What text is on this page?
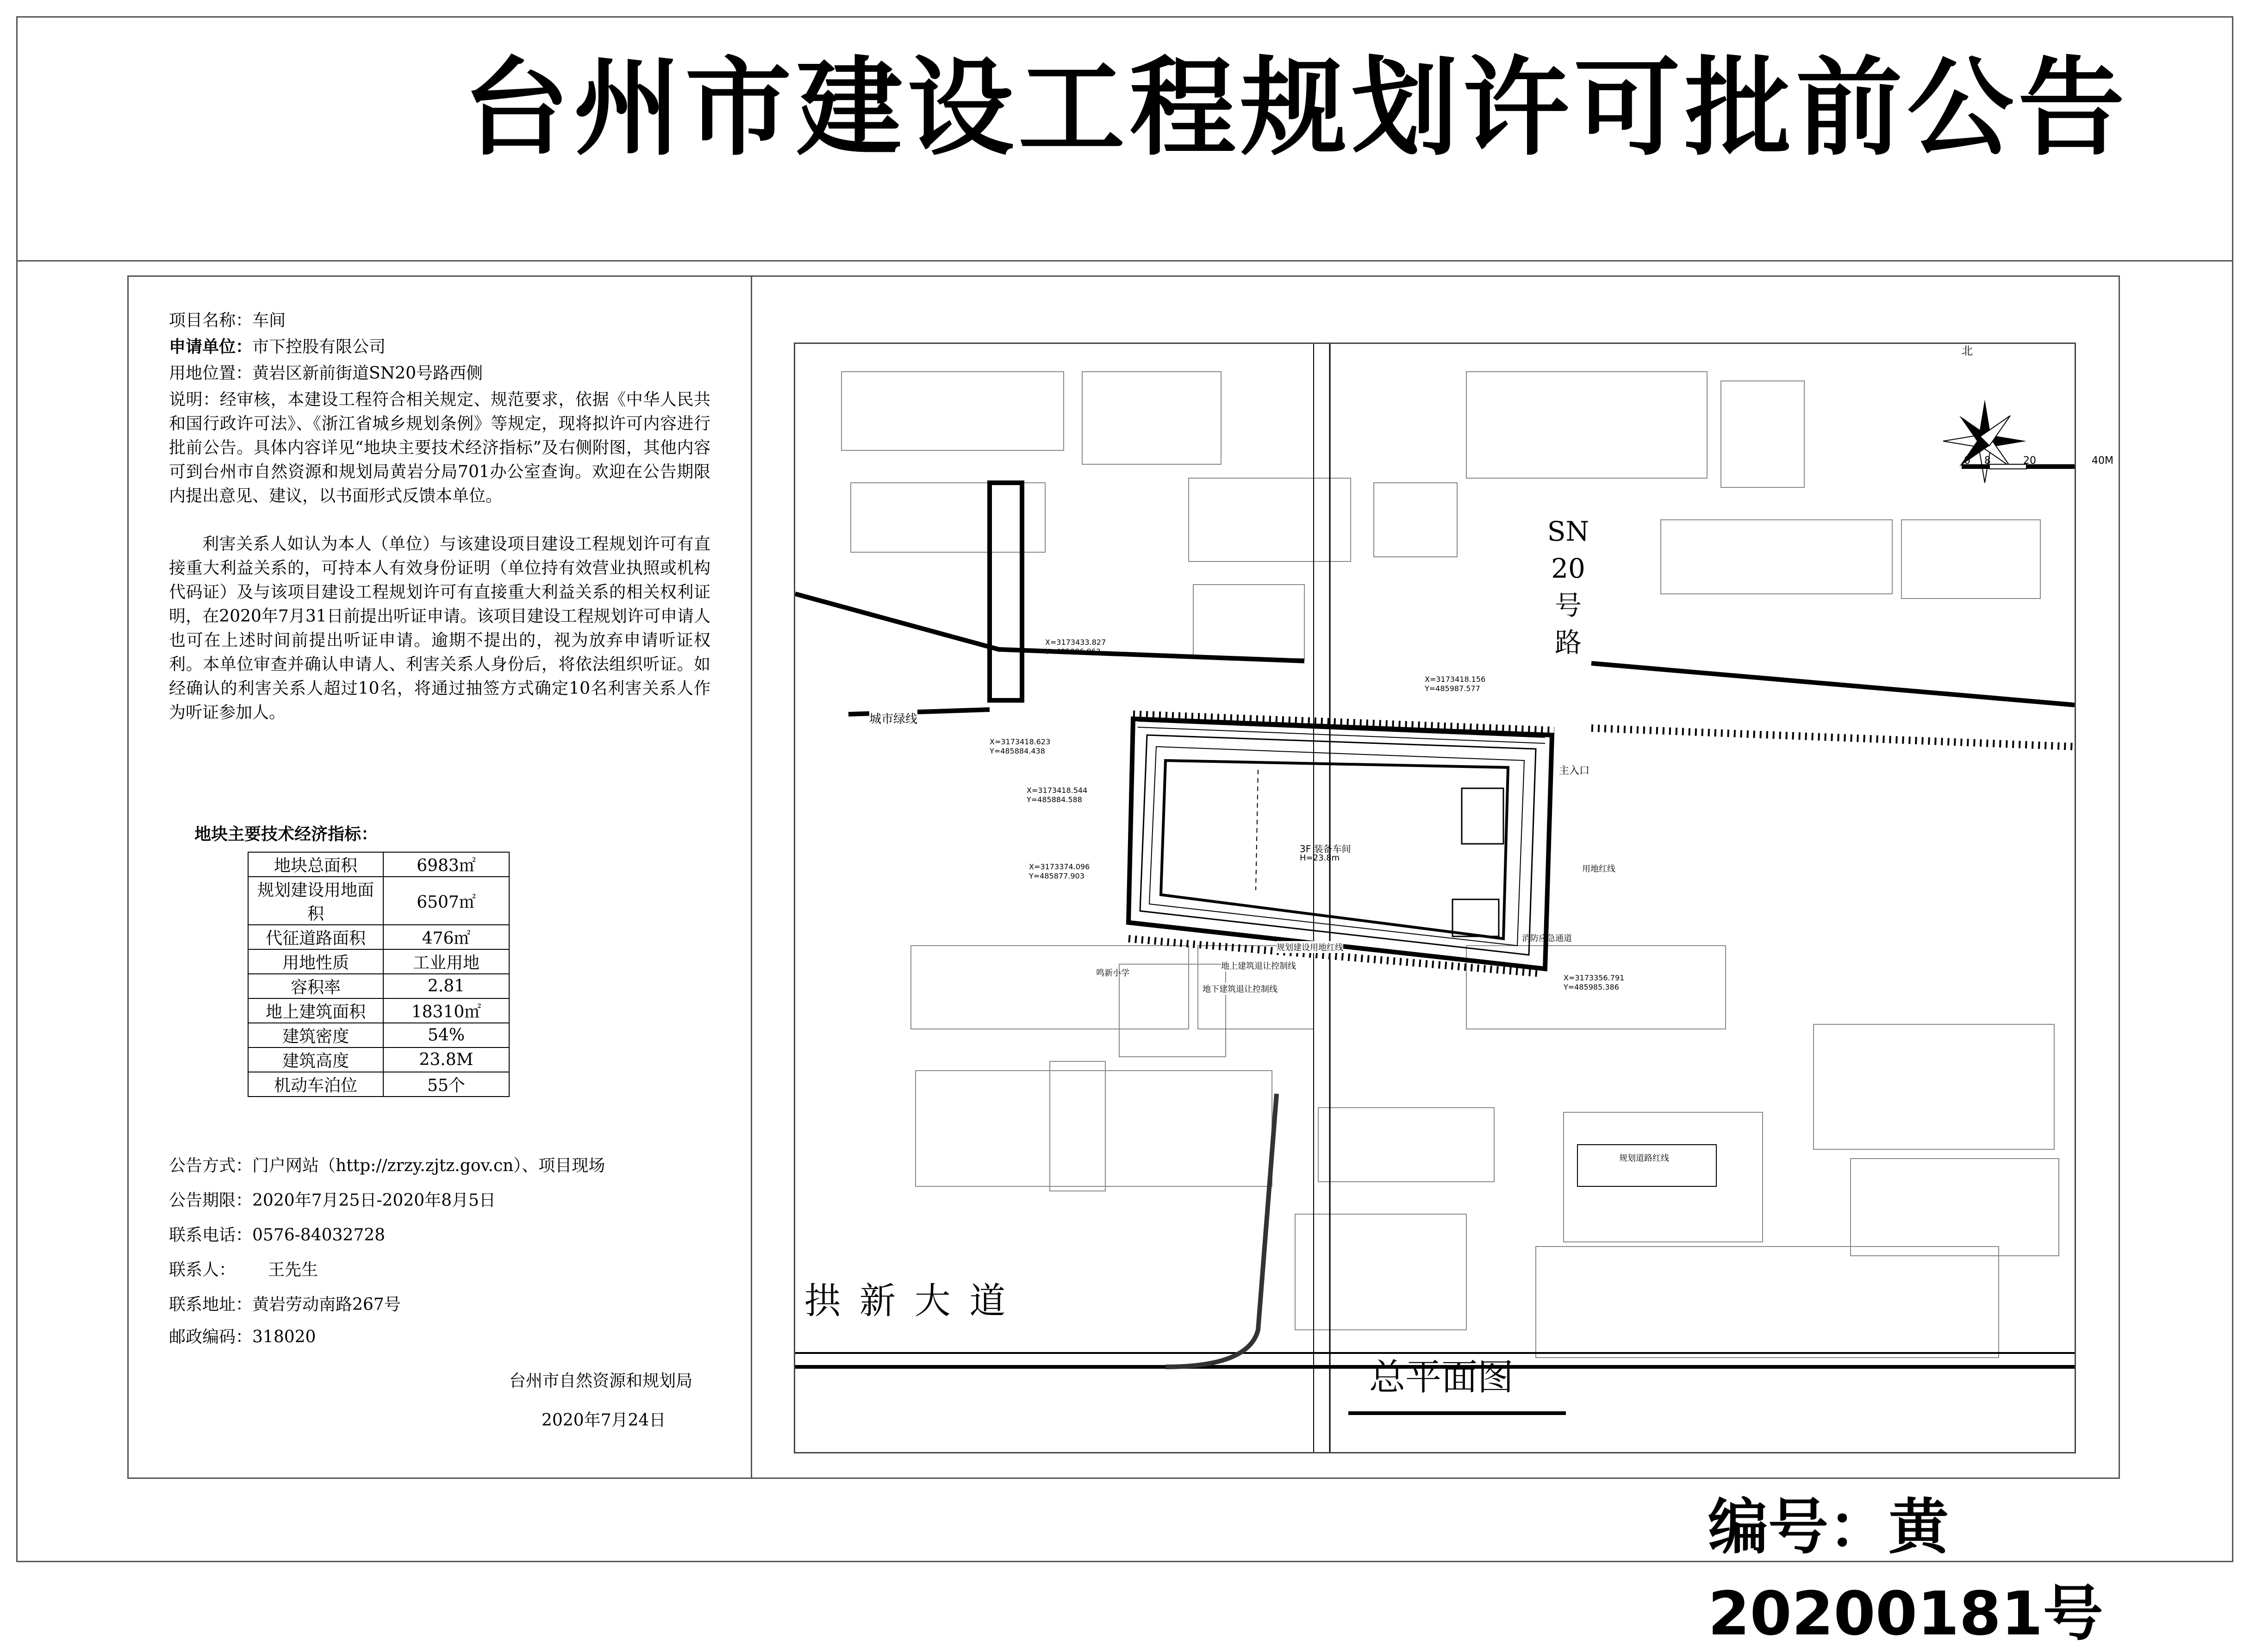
台州市建设工程规划许可批前公告
项目名称：车间
申请单位：市下控股有限公司
用地位置：黄岩区新前街道SN20号路西侧
说明：经审核，本建设工程符合相关规定、规范要求，依据《中华人民共和国行政许可法》、《浙江省城乡规划条例》等规定，现将拟许可内容进行批前公告。具体内容详见“地块主要技术经济指标”及右侧附图，其他内容可到台州市自然资源和规划局黄岩分局701办公室查询。欢迎在公告期限内提出意见、建议，以书面形式反馈本单位。
利害关系人如认为本人（单位）与该建设项目建设工程规划许可有直接重大利益关系的，可持本人有效身份证明（单位持有效营业执照或机构代码证）及与该项目建设工程规划许可有直接重大利益关系的相关权利证明，在2020年7月31日前提出听证申请。该项目建设工程规划许可申请人也可在上述时间前提出听证申请。逾期不提出的，视为放弃申请听证权利。本单位审查并确认申请人、利害关系人身份后，将依法组织听证。如经确认的利害关系人超过10名，将通过抽签方式确定10名利害关系人作为听证参加人。
地块主要技术经济指标：
地块总面积	6983㎡
规划建设用地面积	6507㎡
代征道路面积	476㎡
用地性质	工业用地
容积率	2.81
地上建筑面积	18310㎡
建筑密度	54%
建筑高度	23.8M
机动车泊位	55个
公告方式：门户网站（http://zrzy.zjtz.gov.cn）、项目现场
公告期限：2020年7月25日-2020年8月5日
联系电话：0576-84032728
联系人： 王先生
联系地址：黄岩劳动南路267号
邮政编码：318020
台州市自然资源和规划局
2020年7月24日
北
0 8	20	40M
SN
20
号
路
拱 新 大 道
总平面图
城市绿线
主入口
3F 装备车间
H=23.8m
鸣新小学
规划建设用地红线
地上建筑退让控制线
地下建筑退让控制线
用地红线
规划道路红线
消防应急通道
X=3173433.827
Y=485886.863
X=3173418.156
Y=485987.577
X=3173418.623
Y=485884.438
X=3173418.544
Y=485884.588
X=3173374.096
Y=485877.903
X=3173356.791
Y=485985.386
编号：黄20200181号
